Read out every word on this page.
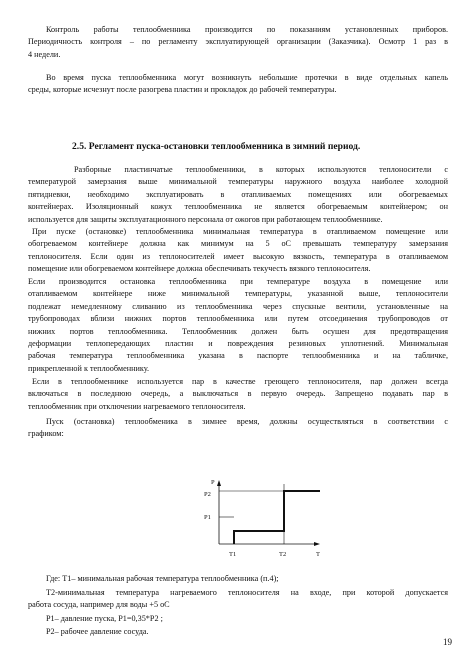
Контроль работы теплообменника производится по показаниям установленных приборов.
Периодичность контроля – по регламенту эксплуатирующей организации (Заказчика). Осмотр 1 раз в
4 недели.
Во время пуска теплообменника могут возникнуть небольшие протечки в виде отдельных капель
среды, которые исчезнут после разогрева пластин и прокладок до рабочей температуры.
2.5. Регламент пуска-остановки теплообменника в зимний период.
Разборные пластинчатые теплообменники, в которых используются теплоносители с
температурой замерзания выше минимальной температуры наружного воздуха наиболее холодной
пятидневки, необходимо эксплуатировать в отапливаемых помещениях или обогреваемых
контейнерах. Изоляционный кожух теплообменника не является обогреваемым контейнером; он
используется для защиты эксплуатационного персонала от ожогов при работающем теплообменнике.
При пуске (остановке) теплообменника минимальная температура в отапливаемом помещение или
обогреваемом контейнере должна как минимум на 5 оС превышать температуру замерзания
теплоносителя. Если один из теплоносителей имеет высокую вязкость, температура в отапливаемом
помещение или обогреваемом контейнере должна обеспечивать текучесть вязкого теплоносителя.
Если производится остановка теплообменника при температуре воздуха в помещение или
отапливаемом контейнере ниже минимальной температуры, указанной выше, теплоносители
подлежат немедленному сливанию из теплообменника через спускные вентили, установленные на
трубопроводах вблизи нижних портов теплообменника или путем отсоединения трубопроводов от
нижних портов теплообменника. Теплообменник должен быть осушен для предотвращения
деформации теплопередающих пластин и повреждения резиновых уплотнений. Минимальная
рабочая температура теплообменника указана в паспорте теплообменника и на табличке,
прикрепленной к теплообменнику.
Если в теплообменнике используется пар в качестве греющего теплоносителя, пар должен всегда
включаться в последнюю очередь, а выключаться в первую очередь. Запрещено подавать пар в
теплообменник при отключении нагреваемого теплоносителя.
Пуск (остановка) теплообменика в зимнее время, должны осуществляться в соответствии с
графиком:
P
T
P2
P1
T1	T2
Где: Т1– минимальная рабочая температура теплообменника (п.4);
Т2-минимальная температура нагреваемого теплоносителя на входе, при которой допускается
работа сосуда, например для воды +5 оС
Р1– давление пуска, Р1=0,35*Р2 ;
Р2– рабочее давление сосуда.
19
